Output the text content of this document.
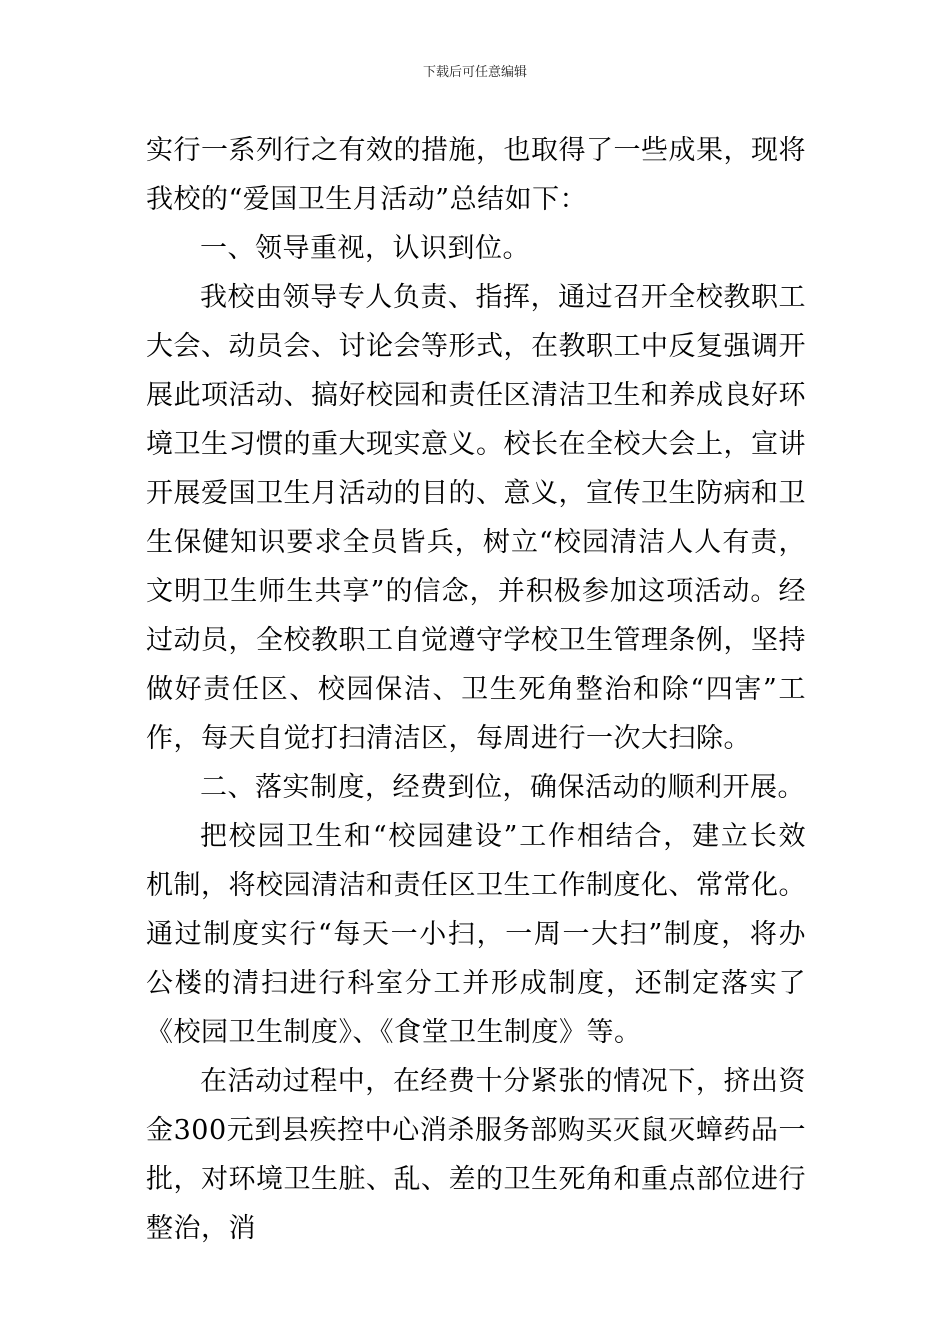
下载后可任意编辑

实行一系列行之有效的措施，也取得了一些成果，现将我校的“爱国卫生月活动”总结如下：

一、领导重视，认识到位。

我校由领导专人负责、指挥，通过召开全校教职工大会、动员会、讨论会等形式，在教职工中反复强调开展此项活动、搞好校园和责任区清洁卫生和养成良好环境卫生习惯的重大现实意义。校长在全校大会上，宣讲开展爱国卫生月活动的目的、意义，宣传卫生防病和卫生保健知识要求全员皆兵，树立“校园清洁人人有责，文明卫生师生共享”的信念，并积极参加这项活动。经过动员，全校教职工自觉遵守学校卫生管理条例，坚持做好责任区、校园保洁、卫生死角整治和除“四害”工作，每天自觉打扫清洁区，每周进行一次大扫除。

二、落实制度，经费到位，确保活动的顺利开展。

把校园卫生和“校园建设”工作相结合，建立长效机制，将校园清洁和责任区卫生工作制度化、常常化。通过制度实行“每天一小扫，一周一大扫”制度，将办公楼的清扫进行科室分工并形成制度，还制定落实了《校园卫生制度》、《食堂卫生制度》等。

在活动过程中，在经费十分紧张的情况下，挤出资金300元到县疾控中心消杀服务部购买灭鼠灭蟑药品一批，对环境卫生脏、乱、差的卫生死角和重点部位进行整治，消
